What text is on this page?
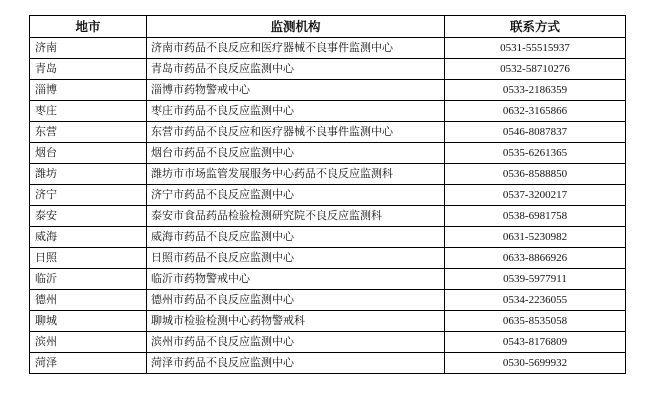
地市	监测机构	联系方式
济南	济南市药品不良反应和医疗器械不良事件监测中心	0531-55515937
青岛	青岛市药品不良反应监测中心	0532-58710276
淄博	淄博市药物警戒中心	0533-2186359
枣庄	枣庄市药品不良反应监测中心	0632-3165866
东营	东营市药品不良反应和医疗器械不良事件监测中心	0546-8087837
烟台	烟台市药品不良反应监测中心	0535-6261365
潍坊	潍坊市市场监管发展服务中心药品不良反应监测科	0536-8588850
济宁	济宁市药品不良反应监测中心	0537-3200217
泰安	泰安市食品药品检验检测研究院不良反应监测科	0538-6981758
威海	威海市药品不良反应监测中心	0631-5230982
日照	日照市药品不良反应监测中心	0633-8866926
临沂	临沂市药物警戒中心	0539-5977911
德州	德州市药品不良反应监测中心	0534-2236055
聊城	聊城市检验检测中心药物警戒科	0635-8535058
滨州	滨州市药品不良反应监测中心	0543-8176809
菏泽	菏泽市药品不良反应监测中心	0530-5699932
